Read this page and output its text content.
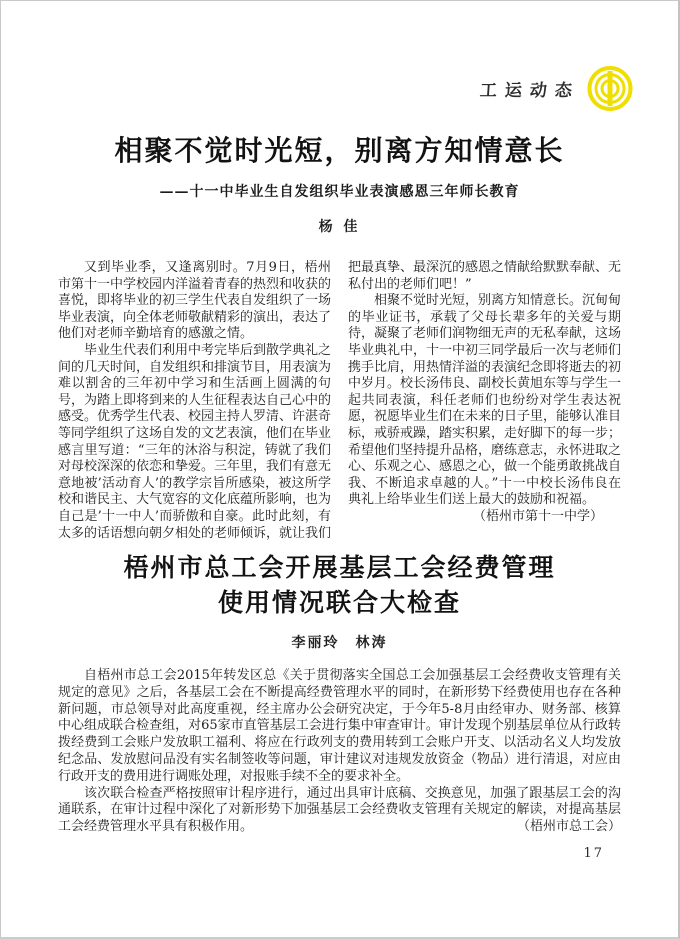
工运动态
相聚不觉时光短，别离方知情意长
——十一中毕业生自发组织毕业表演感恩三年师长教育
杨 佳

又到毕业季，又逢离别时。7月9日，梧州市第十一中学校园内洋溢着青春的热烈和收获的喜悦，即将毕业的初三学生代表自发组织了一场毕业表演，向全体老师敬献精彩的演出，表达了他们对老师辛勤培育的感激之情。

毕业生代表们利用中考完毕后到散学典礼之间的几天时间，自发组织和排演节目，用表演为难以割舍的三年初中学习和生活画上圆满的句号，为踏上即将到来的人生征程表达自己心中的感受。优秀学生代表、校园主持人罗清、许湛奇等同学组织了这场自发的文艺表演，他们在毕业感言里写道：“三年的沐浴与积淀，铸就了我们对母校深深的依恋和挚爱。三年里，我们有意无意地被’活动育人’的教学宗旨所感染，被这所学校和谐民主、大气宽容的文化底蕴所影响，也为自己是’十一中人’而骄傲和自豪。此时此刻，有太多的话语想向朝夕相处的老师倾诉，就让我们

把最真挚、最深沉的感恩之情献给默默奉献、无私付出的老师们吧！”

相聚不觉时光短，别离方知情意长。沉甸甸的毕业证书，承载了父母长辈多年的关爱与期待，凝聚了老师们润物细无声的无私奉献，这场毕业典礼中，十一中初三同学最后一次与老师们携手比肩，用热情洋溢的表演纪念即将逝去的初中岁月。校长汤伟良、副校长黄旭东等与学生一起共同表演，科任老师们也纷纷对学生表达祝愿，祝愿毕业生们在未来的日子里，能够认准目标，戒骄戒躁，踏实积累，走好脚下的每一步；希望他们坚持提升品格，磨练意志，永怀进取之心、乐观之心、感恩之心，做一个能勇敢挑战自我、不断追求卓越的人。”十一中校长汤伟良在典礼上给毕业生们送上最大的鼓励和祝福。

（梧州市第十一中学）
梧州市总工会开展基层工会经费管理
使用情况联合大检查
李丽玲　林涛

自梧州市总工会2015年转发区总《关于贯彻落实全国总工会加强基层工会经费收支管理有关规定的意见》之后，各基层工会在不断提高经费管理水平的同时，在新形势下经费使用也存在各种新问题，市总领导对此高度重视，经主席办公会研究决定，于今年5-8月由经审办、财务部、核算中心组成联合检查组，对65家市直管基层工会进行集中审查审计。审计发现个别基层单位从行政转拨经费到工会账户发放职工福利、将应在行政列支的费用转到工会账户开支、以活动名义人均发放纪念品、发放慰问品没有实名制签收等问题，审计建议对违规发放资金（物品）进行清退，对应由行政开支的费用进行调账处理，对报账手续不全的要求补全。

该次联合检查严格按照审计程序进行，通过出具审计底稿、交换意见，加强了跟基层工会的沟通联系，在审计过程中深化了对新形势下加强基层工会经费收支管理有关规定的解读，对提高基层工会经费管理水平具有积极作用。	（梧州市总工会）

17
